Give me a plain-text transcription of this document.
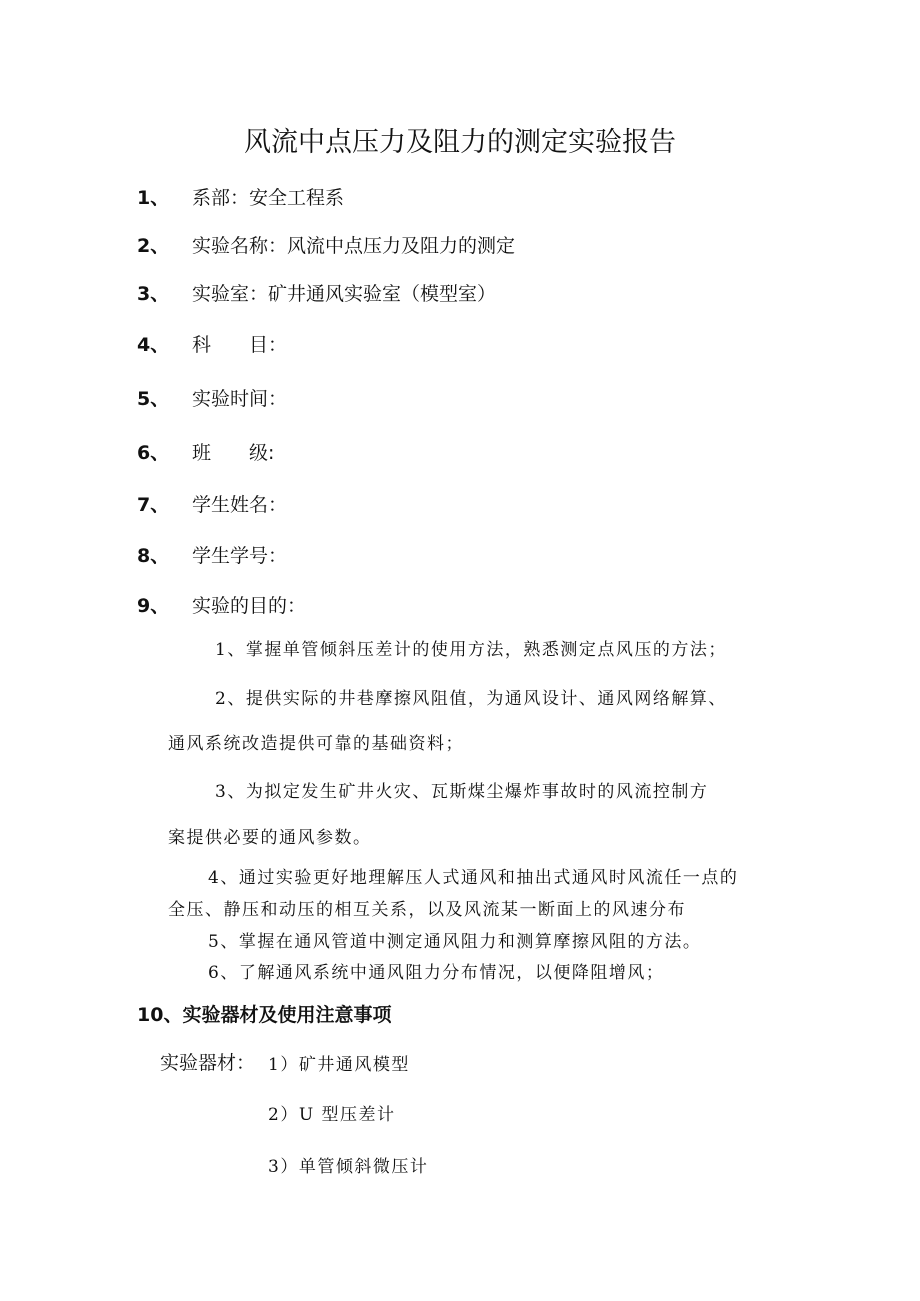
风流中点压力及阻力的测定实验报告
1、 系部：安全工程系
2、 实验名称：风流中点压力及阻力的测定
3、 实验室：矿井通风实验室（模型室）
4、 科　　目：
5、 实验时间：
6、 班　　级:
7、 学生姓名：
8、 学生学号：
9、 实验的目的：
1、掌握单管倾斜压差计的使用方法，熟悉测定点风压的方法；
2、提供实际的井巷摩擦风阻值，为通风设计、通风网络解算、
通风系统改造提供可靠的基础资料；
3、为拟定发生矿井火灾、瓦斯煤尘爆炸事故时的风流控制方
案提供必要的通风参数。
4、通过实验更好地理解压人式通风和抽出式通风时风流任一点的
全压、静压和动压的相互关系，以及风流某一断面上的风速分布
5、掌握在通风管道中测定通风阻力和测算摩擦风阻的方法。
6、了解通风系统中通风阻力分布情况，以便降阻增风；
10、实验器材及使用注意事项
实验器材： 1）矿井通风模型
2）U 型压差计
3）单管倾斜微压计
